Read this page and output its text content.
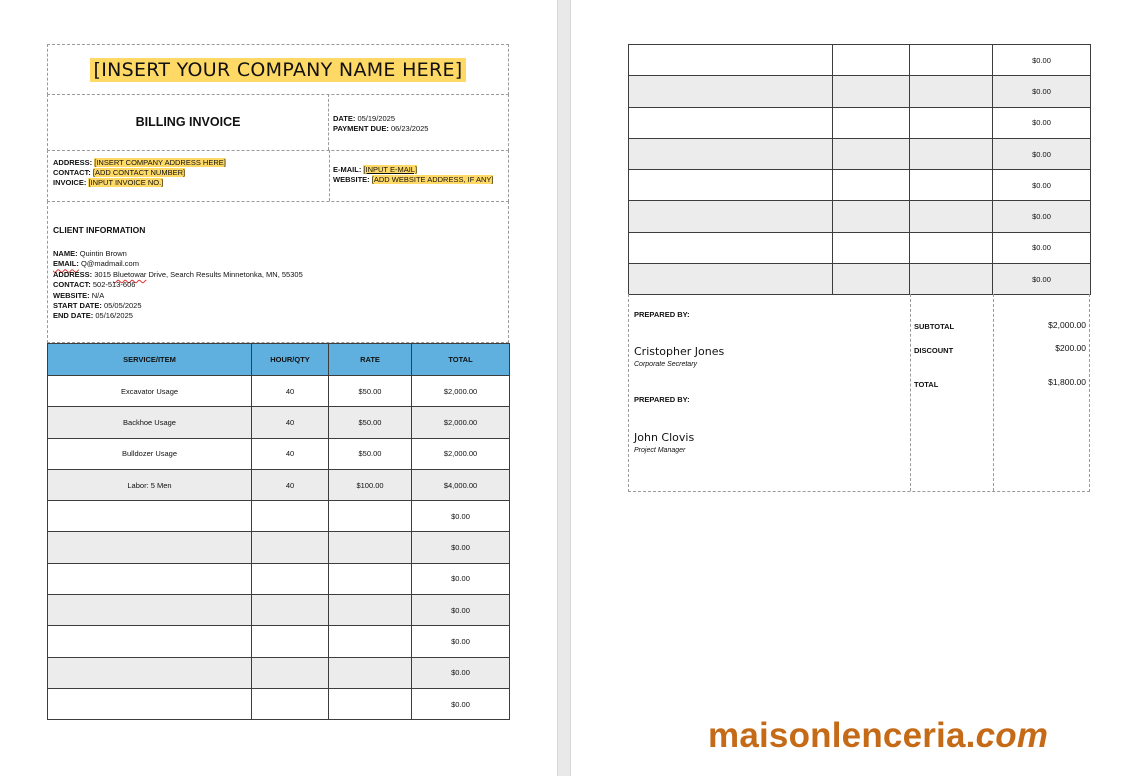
[INSERT YOUR COMPANY NAME HERE]
BILLING INVOICE	DATE: 05/19/2025
PAYMENT DUE: 06/23/2025
ADDRESS: [INSERT COMPANY ADDRESS HERE]
CONTACT: [ADD CONTACT NUMBER]
INVOICE: [INPUT INVOICE NO.]
E-MAIL: [INPUT E-MAIL]
WEBSITE: [ADD WEBSITE ADDRESS, IF ANY]
CLIENT INFORMATION
NAME: Quintin Brown
EMAIL: Q@madmail.com
ADDRESS: 3015 Bluetowar Drive, Search Results Minnetonka, MN, 55305
CONTACT: 502-513-606
WEBSITE: N/A
START DATE: 05/05/2025
END DATE: 05/16/2025
SERVICE/ITEM	HOUR/QTY	RATE	TOTAL
Excavator Usage	40	$50.00	$2,000.00
Backhoe Usage	40	$50.00	$2,000.00
Bulldozer Usage	40	$50.00	$2,000.00
Labor: 5 Men	40	$100.00	$4,000.00
			$0.00
			$0.00
			$0.00
			$0.00
			$0.00
			$0.00
			$0.00
			$0.00
			$0.00
			$0.00
			$0.00
			$0.00
			$0.00
			$0.00
			$0.00
PREPARED BY:
Cristopher Jones
Corporate Secretary
PREPARED BY:
John Clovis
Project Manager
SUBTOTAL	$2,000.00
DISCOUNT	$200.00
TOTAL	$1,800.00
maisonlenceria.com
